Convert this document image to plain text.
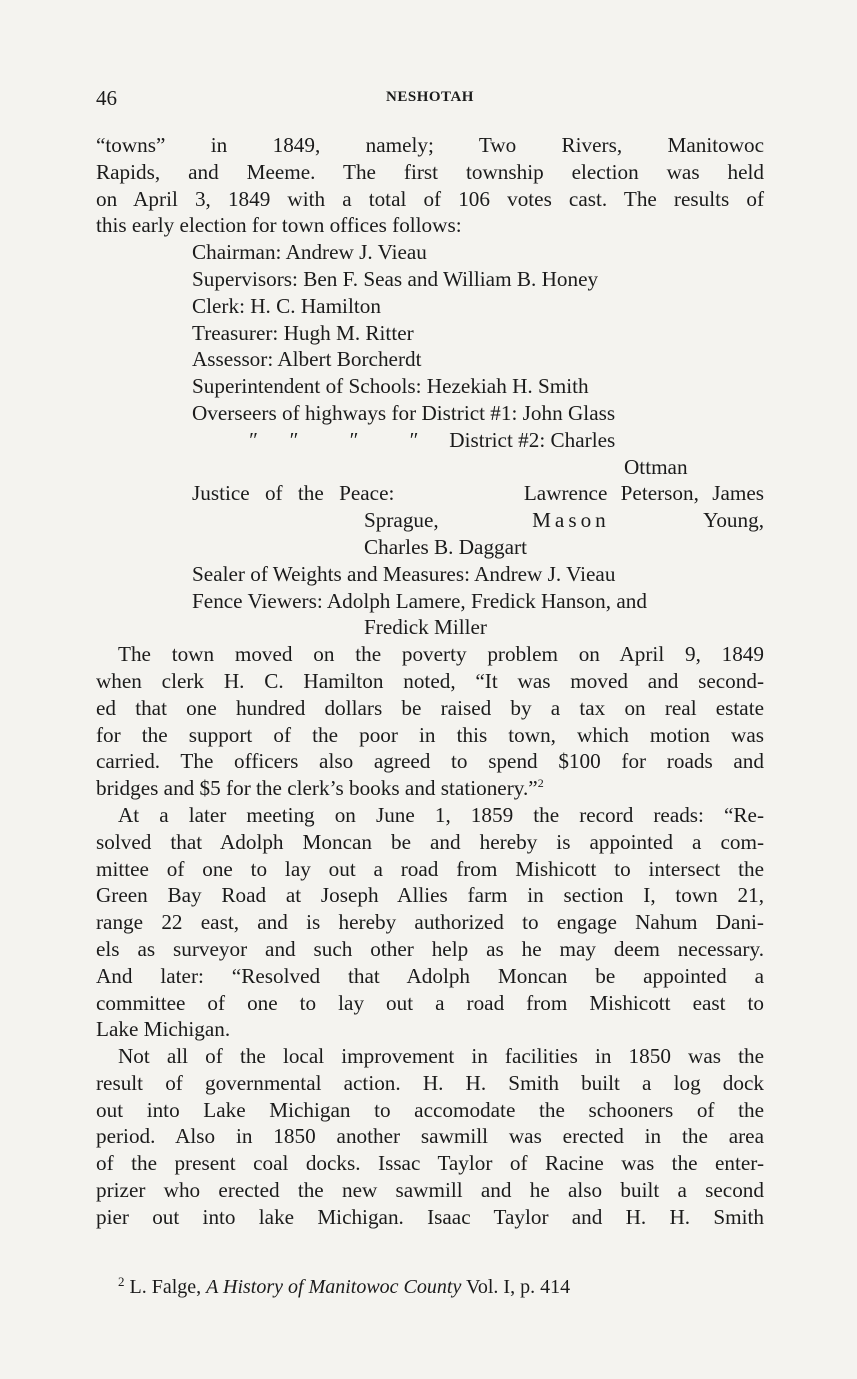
46	NESHOTAH
“towns” in 1849, namely; Two Rivers, Manitowoc
Rapids, and Meeme. The first township election was held
on April 3, 1849 with a total of 106 votes cast. The results of
this early election for town offices follows:
Chairman: Andrew J. Vieau
Supervisors: Ben F. Seas and William B. Honey
Clerk: H. C. Hamilton
Treasurer: Hugh M. Ritter
Assessor: Albert Borcherdt
Superintendent of Schools: Hezekiah H. Smith
Overseers of highways for District #1: John Glass
″ ″ ″ ″ District #2: Charles
Ottman
Justice of the Peace:	Lawrence Peterson, James
Sprague,	Mason	Young,
Charles B. Daggart
Sealer of Weights and Measures: Andrew J. Vieau
Fence Viewers: Adolph Lamere, Fredick Hanson, and
Fredick Miller
The town moved on the poverty problem on April 9, 1849
when clerk H. C. Hamilton noted, “It was moved and second-
ed that one hundred dollars be raised by a tax on real estate
for the support of the poor in this town, which motion was
carried. The officers also agreed to spend $100 for roads and
bridges and $5 for the clerk’s books and stationery.”$^2$
At a later meeting on June 1, 1859 the record reads: “Re-
solved that Adolph Moncan be and hereby is appointed a com-
mittee of one to lay out a road from Mishicott to intersect the
Green Bay Road at Joseph Allies farm in section I, town 21,
range 22 east, and is hereby authorized to engage Nahum Dani-
els as surveyor and such other help as he may deem necessary.
And later: “Resolved that Adolph Moncan be appointed a
committee of one to lay out a road from Mishicott east to
Lake Michigan.
Not all of the local improvement in facilities in 1850 was the
result of governmental action. H. H. Smith built a log dock
out into Lake Michigan to accomodate the schooners of the
period. Also in 1850 another sawmill was erected in the area
of the present coal docks. Issac Taylor of Racine was the enter-
prizer who erected the new sawmill and he also built a second
pier out into lake Michigan. Isaac Taylor and H. H. Smith
$^2$ L. Falge, A History of Manitowoc County Vol. I, p. 414
